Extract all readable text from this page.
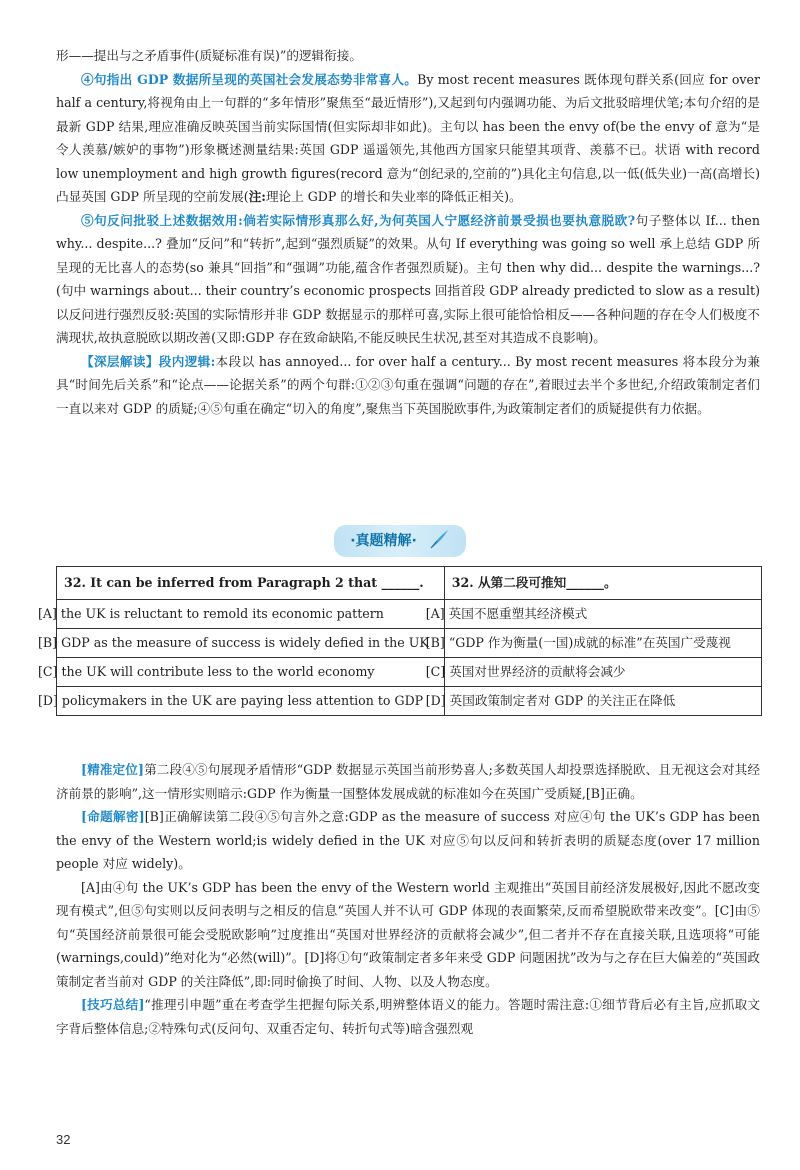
形——提出与之矛盾事件(质疑标准有误)”的逻辑衔接。

④句指出 GDP 数据所呈现的英国社会发展态势非常喜人。By most recent measures 既体现句群关系(回应 for over half a century,将视角由上一句群的“多年情形”聚焦至“最近情形”),又起到句内强调功能、为后文批驳暗埋伏笔;本句介绍的是最新 GDP 结果,理应准确反映英国当前实际国情(但实际却非如此)。主句以 has been the envy of(be the envy of 意为“是令人羡慕/嫉妒的事物”)形象概述测量结果:英国 GDP 遥遥领先,其他西方国家只能望其项背、羡慕不已。状语 with record low unemployment and high growth figures(record 意为“创纪录的,空前的”)具化主句信息,以一低(低失业)一高(高增长)凸显英国 GDP 所呈现的空前发展(注:理论上 GDP 的增长和失业率的降低正相关)。

⑤句反问批驳上述数据效用:倘若实际情形真那么好,为何英国人宁愿经济前景受损也要执意脱欧?句子整体以 If... then why... despite...? 叠加“反问”和“转折”,起到“强烈质疑”的效果。从句 If everything was going so well 承上总结 GDP 所呈现的无比喜人的态势(so 兼具“回指”和“强调”功能,蕴含作者强烈质疑)。主句 then why did... despite the warnings...?(句中 warnings about... their country’s economic prospects 回指首段 GDP already predicted to slow as a result)以反问进行强烈反驳:英国的实际情形并非 GDP 数据显示的那样可喜,实际上很可能恰恰相反——各种问题的存在令人们极度不满现状,故执意脱欧以期改善(又即:GDP 存在致命缺陷,不能反映民生状况,甚至对其造成不良影响)。

【深层解读】段内逻辑:本段以 has annoyed... for over half a century... By most recent measures 将本段分为兼具“时间先后关系”和“论点——论据关系”的两个句群:①②③句重在强调“问题的存在”,着眼过去半个多世纪,介绍政策制定者们一直以来对 GDP 的质疑;④⑤句重在确定“切入的角度”,聚焦当下英国脱欧事件,为政策制定者们的质疑提供有力依据。

·真题精解·
32. It can be inferred from Paragraph 2 that ______.	32. 从第二段可推知______。
[A] the UK is reluctant to remold its economic pattern	[A] 英国不愿重塑其经济模式
[B] GDP as the measure of success is widely defied in the UK	[B] “GDP 作为衡量(一国)成就的标准”在英国广受蔑视
[C] the UK will contribute less to the world economy	[C] 英国对世界经济的贡献将会减少
[D] policymakers in the UK are paying less attention to GDP	[D] 英国政策制定者对 GDP 的关注正在降低

[精准定位]第二段④⑤句展现矛盾情形“GDP 数据显示英国当前形势喜人;多数英国人却投票选择脱欧、且无视这会对其经济前景的影响”,这一情形实则暗示:GDP 作为衡量一国整体发展成就的标准如今在英国广受质疑,[B]正确。

[命题解密][B]正确解读第二段④⑤句言外之意:GDP as the measure of success 对应④句 the UK’s GDP has been the envy of the Western world;is widely defied in the UK 对应⑤句以反问和转折表明的质疑态度(over 17 million people 对应 widely)。

[A]由④句 the UK’s GDP has been the envy of the Western world 主观推出“英国目前经济发展极好,因此不愿改变现有模式”,但⑤句实则以反问表明与之相反的信息“英国人并不认可 GDP 体现的表面繁荣,反而希望脱欧带来改变”。[C]由⑤句“英国经济前景很可能会受脱欧影响”过度推出“英国对世界经济的贡献将会减少”,但二者并不存在直接关联,且选项将“可能(warnings,could)”绝对化为“必然(will)”。[D]将①句“政策制定者多年来受 GDP 问题困扰”改为与之存在巨大偏差的“英国政策制定者当前对 GDP 的关注降低”,即:同时偷换了时间、人物、以及人物态度。

[技巧总结]“推理引申题”重在考查学生把握句际关系,明辨整体语义的能力。答题时需注意:①细节背后必有主旨,应抓取文字背后整体信息;②特殊句式(反问句、双重否定句、转折句式等)暗含强烈观

32
